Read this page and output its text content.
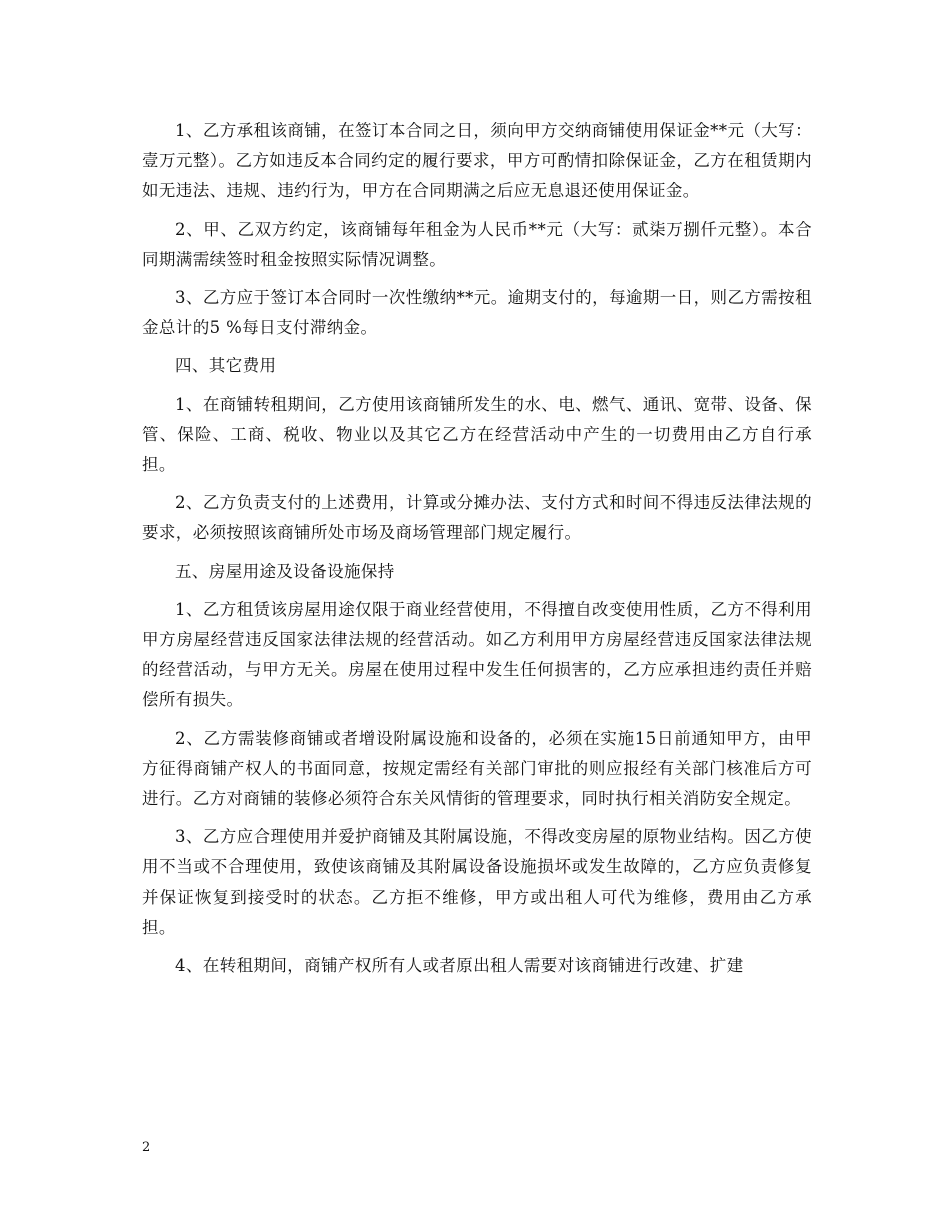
1、乙方承租该商铺，在签订本合同之日，须向甲方交纳商铺使用保证金**元（大写：壹万元整）。乙方如违反本合同约定的履行要求，甲方可酌情扣除保证金，乙方在租赁期内如无违法、违规、违约行为，甲方在合同期满之后应无息退还使用保证金。

2、甲、乙双方约定，该商铺每年租金为人民币**元（大写：贰柒万捌仟元整）。本合同期满需续签时租金按照实际情况调整。

3、乙方应于签订本合同时一次性缴纳**元。逾期支付的，每逾期一日，则乙方需按租金总计的5 %每日支付滞纳金。

四、其它费用

1、在商铺转租期间，乙方使用该商铺所发生的水、电、燃气、通讯、宽带、设备、保管、保险、工商、税收、物业以及其它乙方在经营活动中产生的一切费用由乙方自行承担。

2、乙方负责支付的上述费用，计算或分摊办法、支付方式和时间不得违反法律法规的要求，必须按照该商铺所处市场及商场管理部门规定履行。

五、房屋用途及设备设施保持

1、乙方租赁该房屋用途仅限于商业经营使用，不得擅自改变使用性质，乙方不得利用甲方房屋经营违反国家法律法规的经营活动。如乙方利用甲方房屋经营违反国家法律法规的经营活动，与甲方无关。房屋在使用过程中发生任何损害的，乙方应承担违约责任并赔偿所有损失。

2、乙方需装修商铺或者增设附属设施和设备的，必须在实施15日前通知甲方，由甲方征得商铺产权人的书面同意，按规定需经有关部门审批的则应报经有关部门核准后方可进行。乙方对商铺的装修必须符合东关风情街的管理要求，同时执行相关消防安全规定。

3、乙方应合理使用并爱护商铺及其附属设施，不得改变房屋的原物业结构。因乙方使用不当或不合理使用，致使该商铺及其附属设备设施损坏或发生故障的，乙方应负责修复并保证恢复到接受时的状态。乙方拒不维修，甲方或出租人可代为维修，费用由乙方承担。

4、在转租期间，商铺产权所有人或者原出租人需要对该商铺进行改建、扩建

2
